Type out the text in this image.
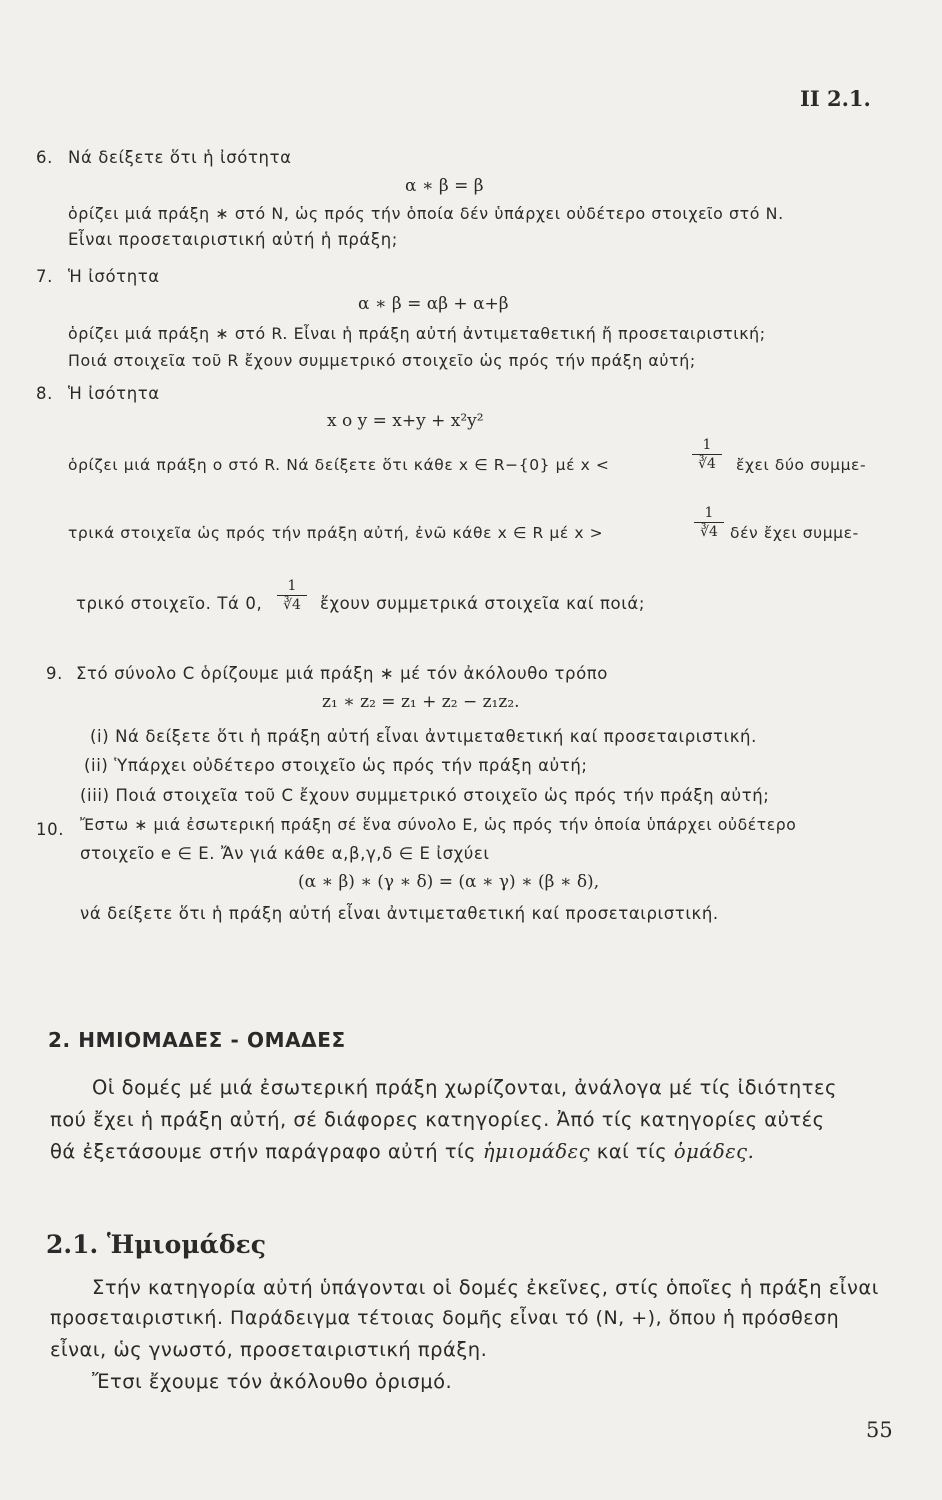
II 2.1.
6. Νά δείξετε ὅτι ἡ ἰσότητα
α ∗ β = β
ὁρίζει μιά πράξη ∗ στό N, ὡς πρός τήν ὁποία δέν ὑπάρχει οὐδέτερο στοιχεῖο στό N.
Εἶναι προσεταιριστική αὐτή ἡ πράξη;
7. Ἡ ἰσότητα
α ∗ β = αβ + α+β
ὁρίζει μιά πράξη ∗ στό R. Εἶναι ἡ πράξη αὐτή ἀντιμεταθετική ἤ προσεταιριστική;
Ποιά στοιχεῖα τοῦ R ἔχουν συμμετρικό στοιχεῖο ὡς πρός τήν πράξη αὐτή;
8. Ἡ ἰσότητα
x ο y = x+y + x²y²
ὁρίζει μιά πράξη ο στό R. Νά δείξετε ὅτι κάθε x ∈ R−{0} μέ x <
1
∛4	ἔχει δύο συμμε-
τρικά στοιχεῖα ὡς πρός τήν πράξη αὐτή, ἐνῶ κάθε x ∈ R μέ x >
1
∛4 δέν ἔχει συμμε-
τρικό στοιχεῖο. Τά 0,
1
∛4	ἔχουν συμμετρικά στοιχεῖα καί ποιά;
9. Στό σύνολο C ὁρίζουμε μιά πράξη ∗ μέ τόν ἀκόλουθο τρόπο
z₁ ∗ z₂ = z₁ + z₂ − z₁z₂.
(i) Νά δείξετε ὅτι ἡ πράξη αὐτή εἶναι ἀντιμεταθετική καί προσεταιριστική.
(ii) Ὑπάρχει οὐδέτερο στοιχεῖο ὡς πρός τήν πράξη αὐτή;
(iii) Ποιά στοιχεῖα τοῦ C ἔχουν συμμετρικό στοιχεῖο ὡς πρός τήν πράξη αὐτή;
10. Ἔστω ∗ μιά ἐσωτερική πράξη σέ ἕνα σύνολο E, ὡς πρός τήν ὁποία ὑπάρχει οὐδέτερο
στοιχεῖο e ∈ E. Ἄν γιά κάθε α,β,γ,δ ∈ E ἰσχύει
(α ∗ β) ∗ (γ ∗ δ) = (α ∗ γ) ∗ (β ∗ δ),
νά δείξετε ὅτι ἡ πράξη αὐτή εἶναι ἀντιμεταθετική καί προσεταιριστική.
2. ΗΜΙΟΜΑΔΕΣ - ΟΜΑΔΕΣ
Οἱ δομές μέ μιά ἐσωτερική πράξη χωρίζονται, ἀνάλογα μέ τίς ἰδιότητες
πού ἔχει ἡ πράξη αὐτή, σέ διάφορες κατηγορίες. Ἀπό τίς κατηγορίες αὐτές
θά ἐξετάσουμε στήν παράγραφο αὐτή τίς ἡμιομάδες καί τίς ὁμάδες.
2.1. Ἡμιομάδες
Στήν κατηγορία αὐτή ὑπάγονται οἱ δομές ἐκεῖνες, στίς ὁποῖες ἡ πράξη εἶναι
προσεταιριστική. Παράδειγμα τέτοιας δομῆς εἶναι τό (N, +), ὅπου ἡ πρόσθεση
εἶναι, ὡς γνωστό, προσεταιριστική πράξη.
Ἔτσι ἔχουμε τόν ἀκόλουθο ὁρισμό.
55
